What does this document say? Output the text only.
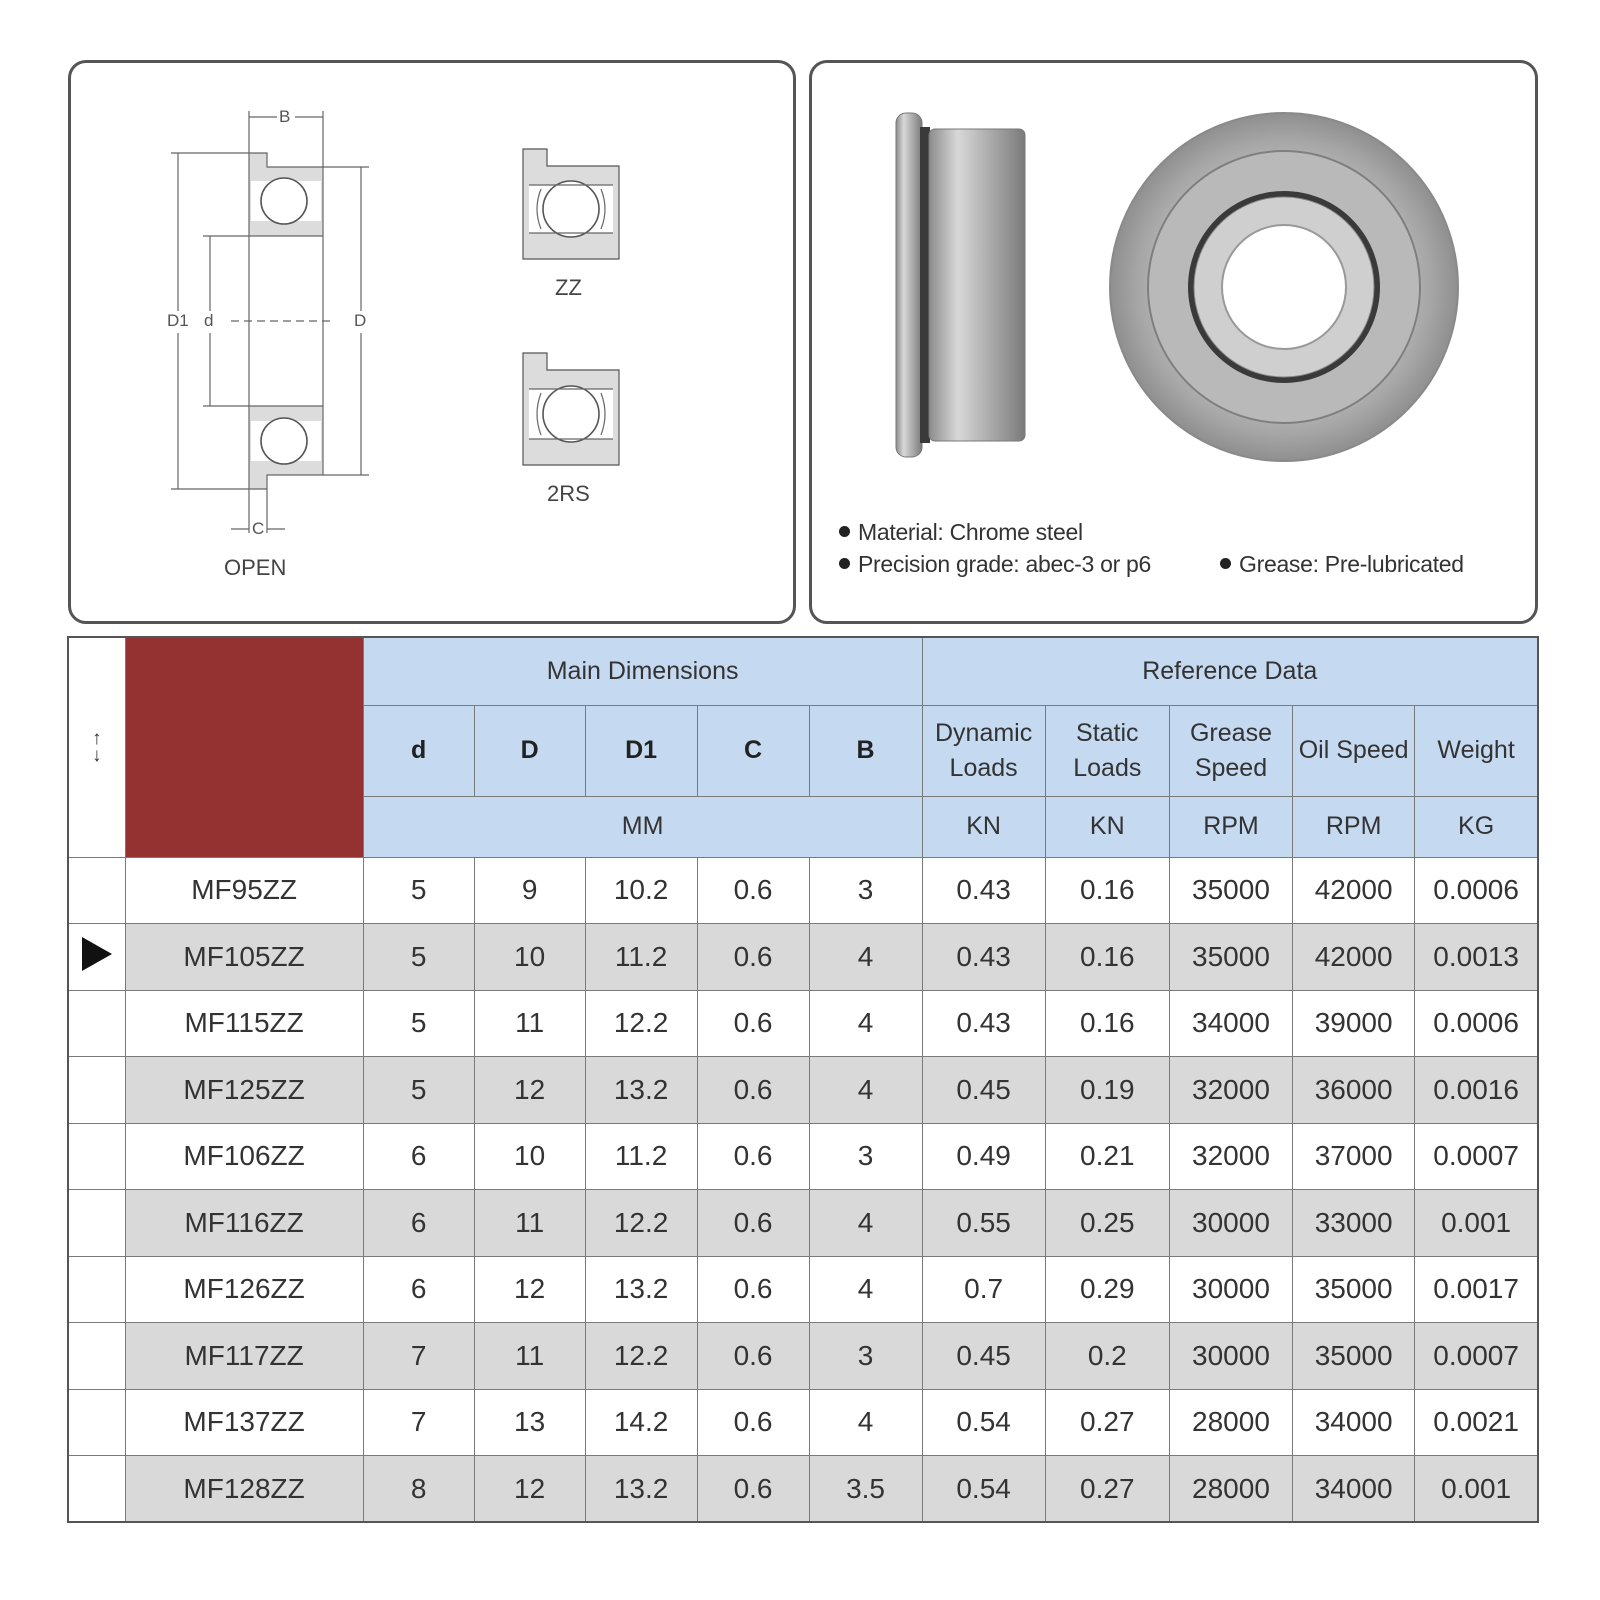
B
C
D1 d	D
OPEN
ZZ
2RS
Material: Chrome steel
Precision grade: abec-3 or p6	Grease: Pre-lubricated
↑
↓		Main Dimensions					Reference Data				
		d	D	D1	C	B	Dynamic Loads	Static Loads	Grease Speed	Oil Speed	Weight
		MM					KN	KN	RPM	RPM	KG
	MF95ZZ	5	9	10.2	0.6	3	0.43	0.16	35000	42000	0.0006
	MF105ZZ	5	10	11.2	0.6	4	0.43	0.16	35000	42000	0.0013
	MF115ZZ	5	11	12.2	0.6	4	0.43	0.16	34000	39000	0.0006
	MF125ZZ	5	12	13.2	0.6	4	0.45	0.19	32000	36000	0.0016
	MF106ZZ	6	10	11.2	0.6	3	0.49	0.21	32000	37000	0.0007
	MF116ZZ	6	11	12.2	0.6	4	0.55	0.25	30000	33000	0.001
	MF126ZZ	6	12	13.2	0.6	4	0.7	0.29	30000	35000	0.0017
	MF117ZZ	7	11	12.2	0.6	3	0.45	0.2	30000	35000	0.0007
	MF137ZZ	7	13	14.2	0.6	4	0.54	0.27	28000	34000	0.0021
	MF128ZZ	8	12	13.2	0.6	3.5	0.54	0.27	28000	34000	0.001
